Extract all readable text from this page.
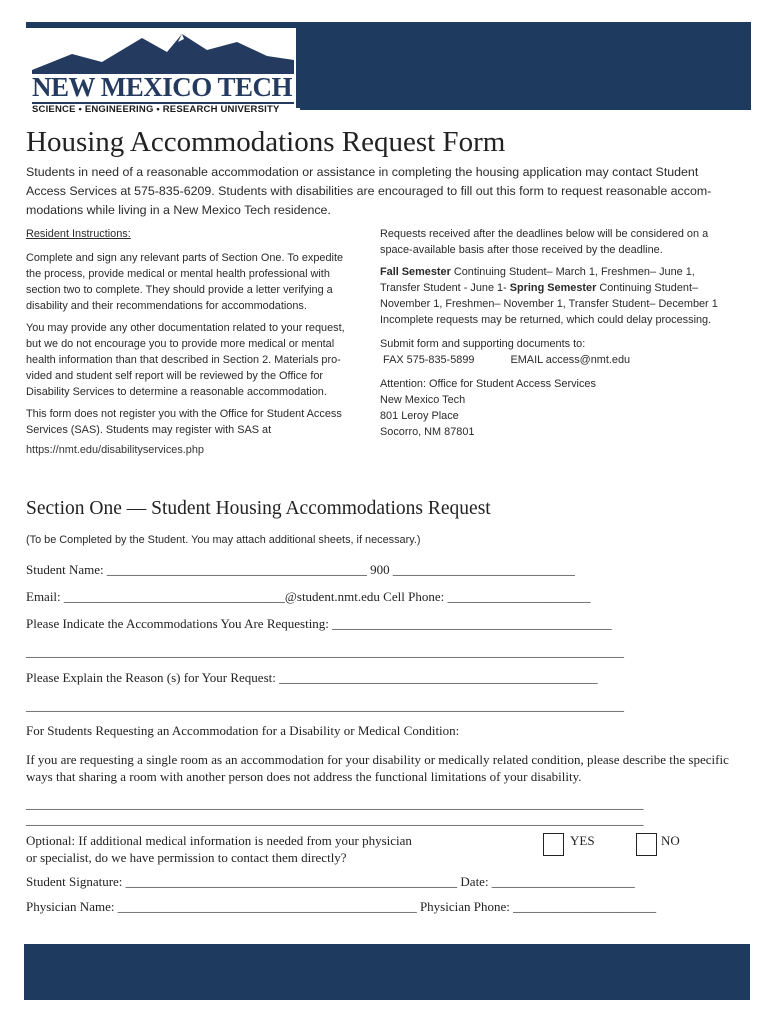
NEW MEXICO TECH
SCIENCE • ENGINEERING • RESEARCH UNIVERSITY
Housing Accommodations Request Form
Students in need of a reasonable accommodation or assistance in completing the housing application may contact Student
Access Services at 575-835-6209. Students with disabilities are encouraged to fill out this form to request reasonable accom-
modations while living in a New Mexico Tech residence.

Resident Instructions:

Complete and sign any relevant parts of Section One. To expedite

the process, provide medical or mental health professional with

section two to complete. They should provide a letter verifying a

disability and their recommendations for accommodations.

You may provide any other documentation related to your request,

but we do not encourage you to provide more medical or mental

health information than that described in Section 2. Materials pro-

vided and student self report will be reviewed by the Office for

Disability Services to determine a reasonable accommodation.

This form does not register you with the Office for Student Access

Services (SAS). Students may register with SAS at

https://nmt.edu/disabilityservices.php

Requests received after the deadlines below will be considered on a

space-available basis after those received by the deadline.

Fall Semester Continuing Student– March 1, Freshmen– June 1,

Transfer Student - June 1- Spring Semester Continuing Student–

November 1, Freshmen– November 1, Transfer Student– December 1

Incomplete requests may be returned, which could delay processing.

Submit form and supporting documents to:

FAX 575-835-5899	EMAIL access@nmt.edu

Attention: Office for Student Access Services

New Mexico Tech

801 Leroy Place

Socorro, NM 87801

Section One — Student Housing Accommodations Request
(To be Completed by the Student. You may attach additional sheets, if necessary.)
Student Name: ________________________________________ 900 ____________________________
Email: __________________________________@student.nmt.edu Cell Phone: ______________________
Please Indicate the Accommodations You Are Requesting: ___________________________________________
____________________________________________________________________________________________
Please Explain the Reason (s) for Your Request: _________________________________________________
____________________________________________________________________________________________
For Students Requesting an Accommodation for a Disability or Medical Condition:
If you are requesting a single room as an accommodation for your disability or medically related condition, please describe the specific ways that sharing a room with another person does not address the functional limitations of your disability.
_______________________________________________________________________________________________
_______________________________________________________________________________________________
Optional: If additional medical information is needed from your physician
or specialist, do we have permission to contact them directly?
YES	NO
Student Signature: ___________________________________________________ Date: ______________________
Physician Name: ______________________________________________ Physician Phone: ______________________
